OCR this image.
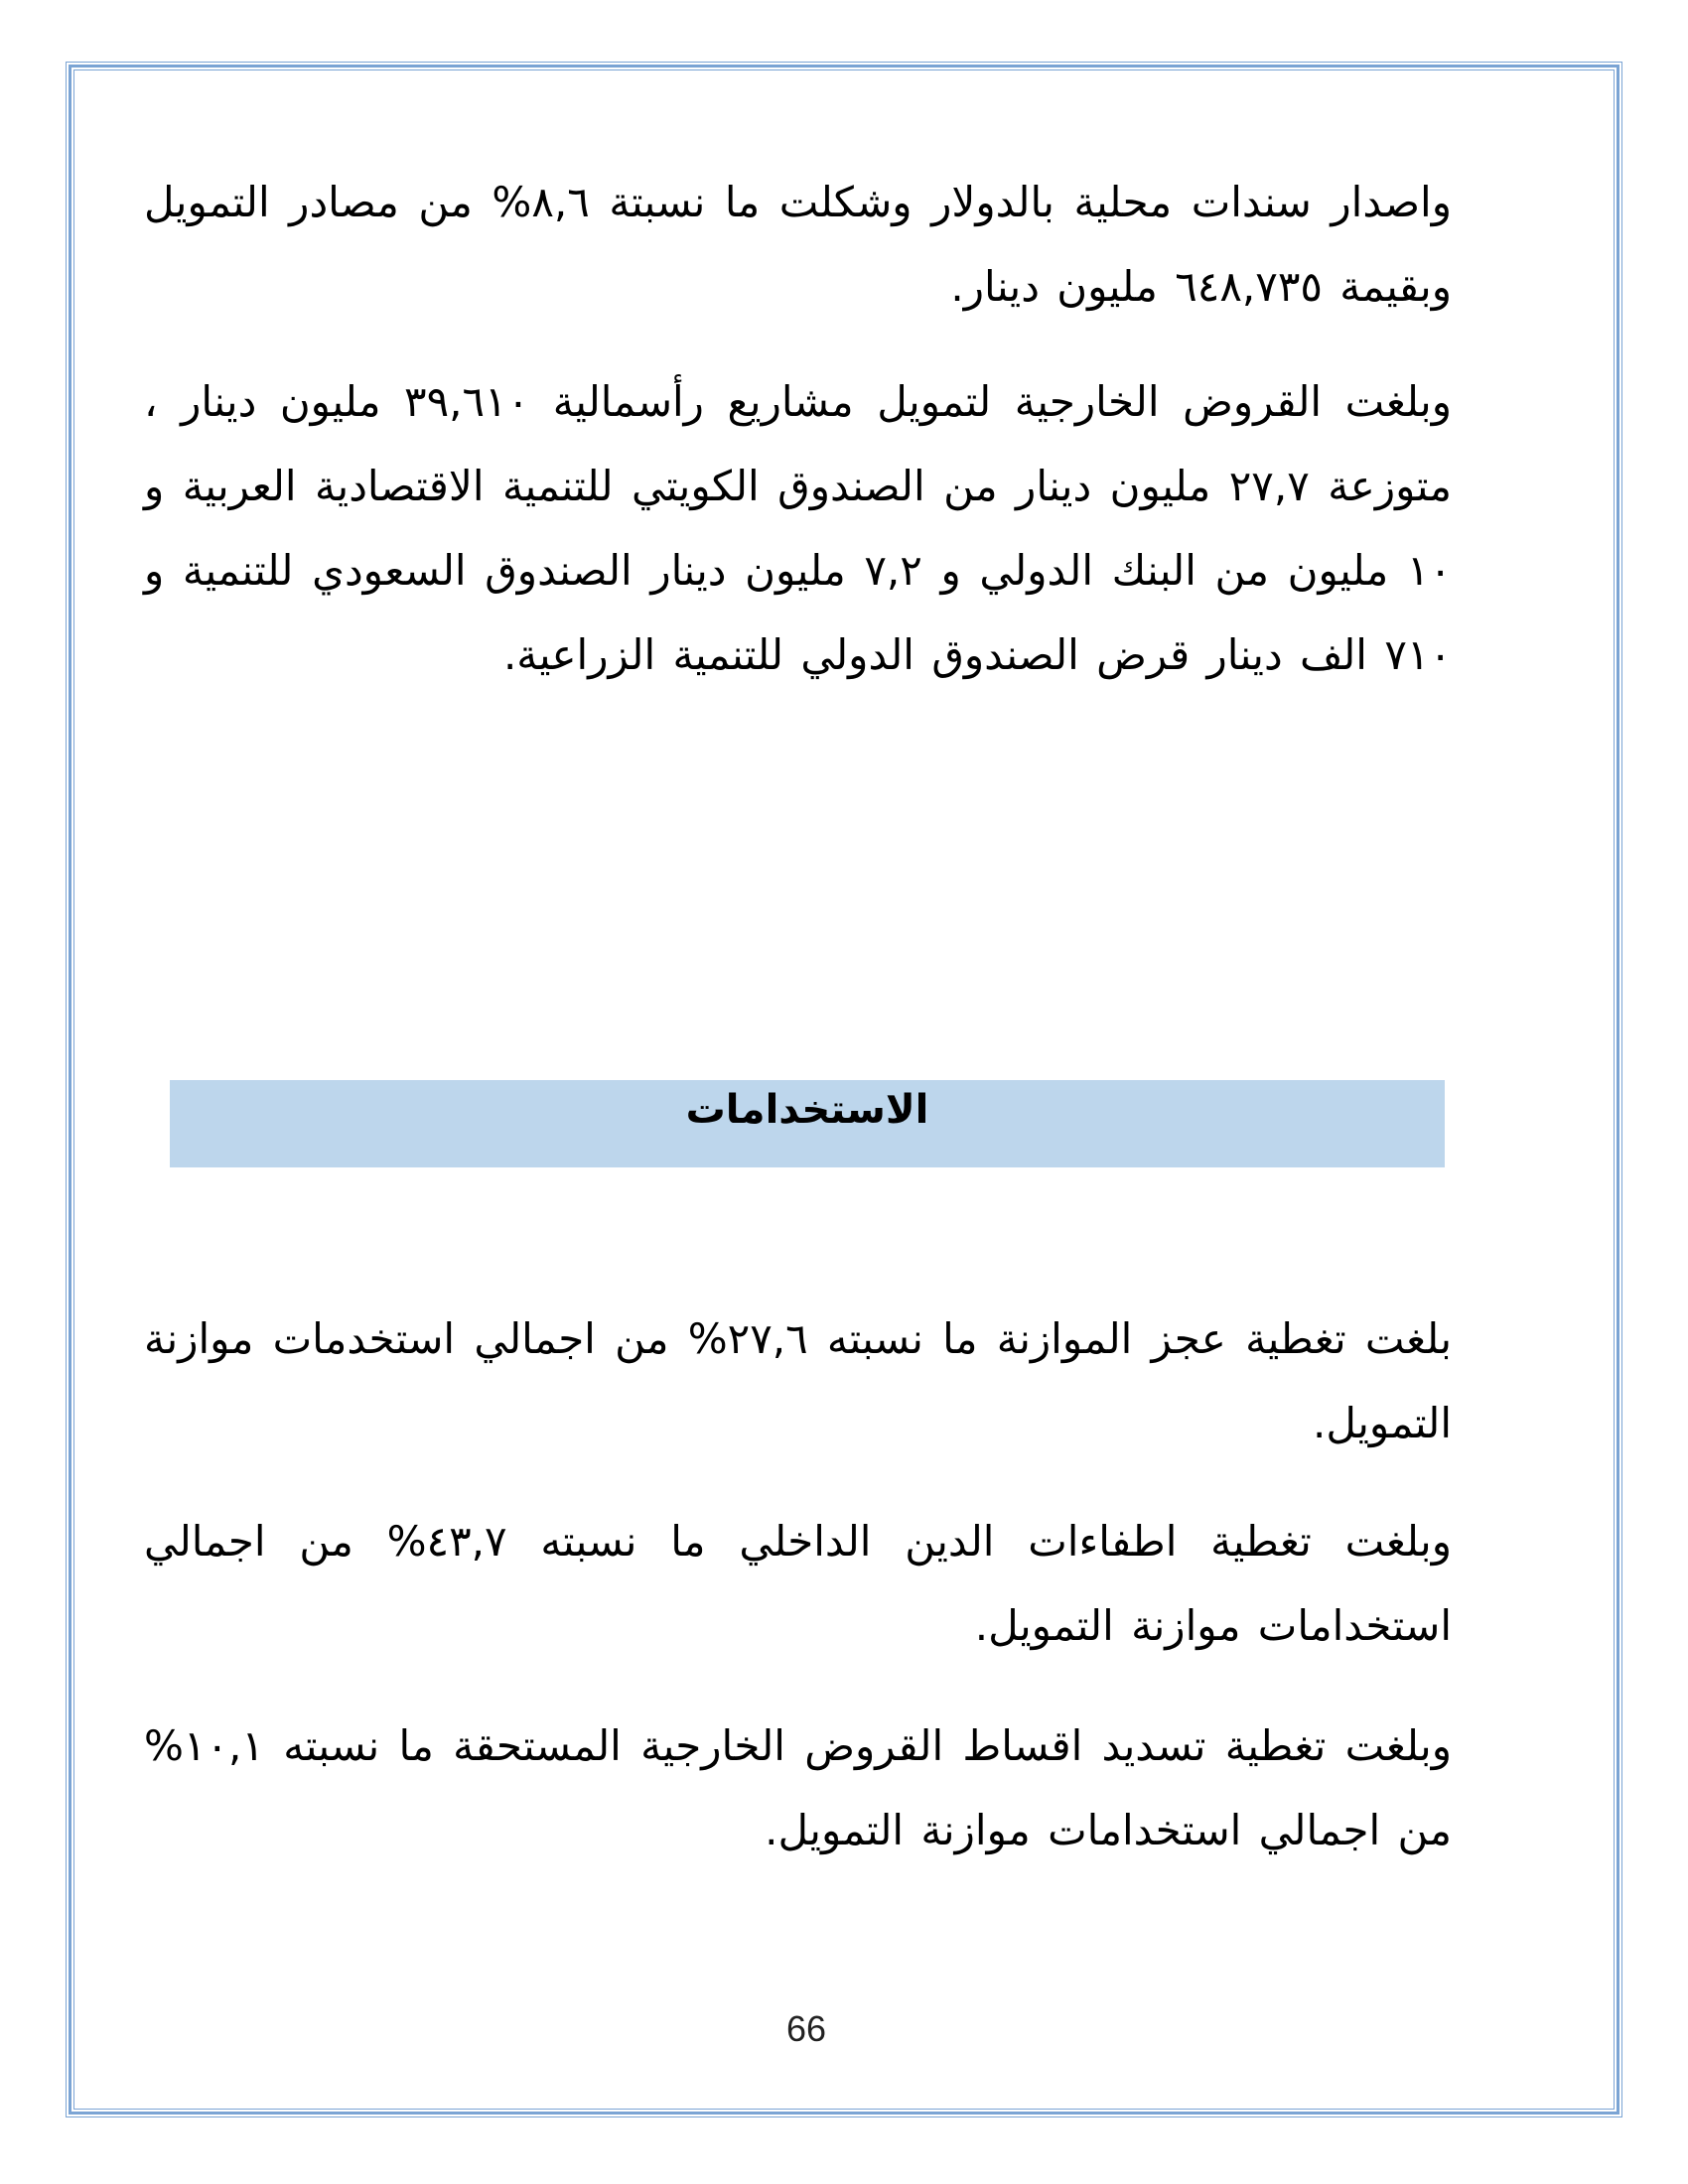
واصدار سندات محلية بالدولار وشكلت ما نسبتة ٨,٦% من مصادر التمويل وبقيمة ٦٤٨,٧٣٥ مليون دينار.

وبلغت القروض الخارجية لتمويل مشاريع رأسمالية ٣٩,٦١٠ مليون دينار ، متوزعة ٢٧,٧ مليون دينار من الصندوق الكويتي للتنمية الاقتصادية العربية و ١٠ مليون من البنك الدولي و ٧,٢ مليون دينار الصندوق السعودي للتنمية و ٧١٠ الف دينار قرض الصندوق الدولي للتنمية الزراعية.

الاستخدامات

بلغت تغطية عجز الموازنة ما نسبته ٢٧,٦% من اجمالي استخدمات موازنة التمويل.

وبلغت تغطية اطفاءات الدين الداخلي ما نسبته ٤٣,٧% من اجمالي استخدامات موازنة التمويل.

وبلغت تغطية تسديد اقساط القروض الخارجية المستحقة ما نسبته ١٠,١% من اجمالي استخدامات موازنة التمويل.

66
